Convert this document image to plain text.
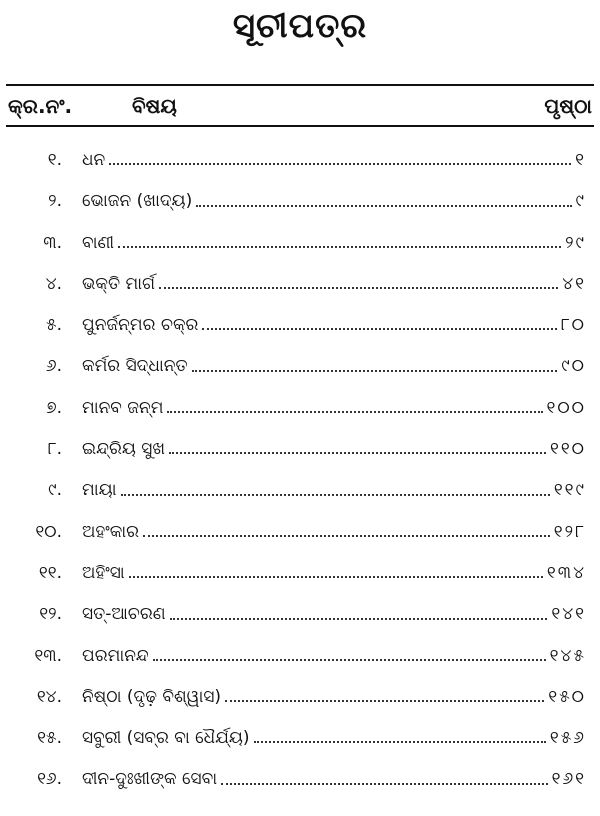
ସୂଚୀପତ୍ର
କ୍ର.ନଂ.	ବିଷୟ	ପୃଷ୍ଠା
୧. ଧନ	୧
୨. ଭୋଜନ (ଖାଦ୍ୟ)	୯
୩. ବାଣୀ	୨୯
୪. ଭକ୍ତି ମାର୍ଗ	୪୧
୫. ପୁନର୍ଜନ୍ମର ଚକ୍ର	୮୦
୬. କର୍ମର ସିଦ୍ଧାନ୍ତ	୯୦
୭. ମାନବ ଜନ୍ମ	୧୦୦
୮. ଇନ୍ଦ୍ରିୟ ସୁଖ	୧୧୦
୯. ମାୟା	୧୧୯
୧୦. ଅହଂକାର	୧୨୮
୧୧. ଅହିଂସା	୧୩୪
୧୨. ସତ୍-ଆଚରଣ	୧୪୧
୧୩. ପରମାନନ୍ଦ	୧୪୫
୧୪. ନିଷ୍ଠା (ଦୃଢ଼ ବିଶ୍ୱାସ)	୧୫୦
୧୫. ସବୁରୀ (ସବ୍ର ବା ଧୈର୍ଯ୍ୟ)	୧୫୬
୧୬. ଦୀନ-ଦୁଃଖୀଙ୍କ ସେବା	୧୬୧
